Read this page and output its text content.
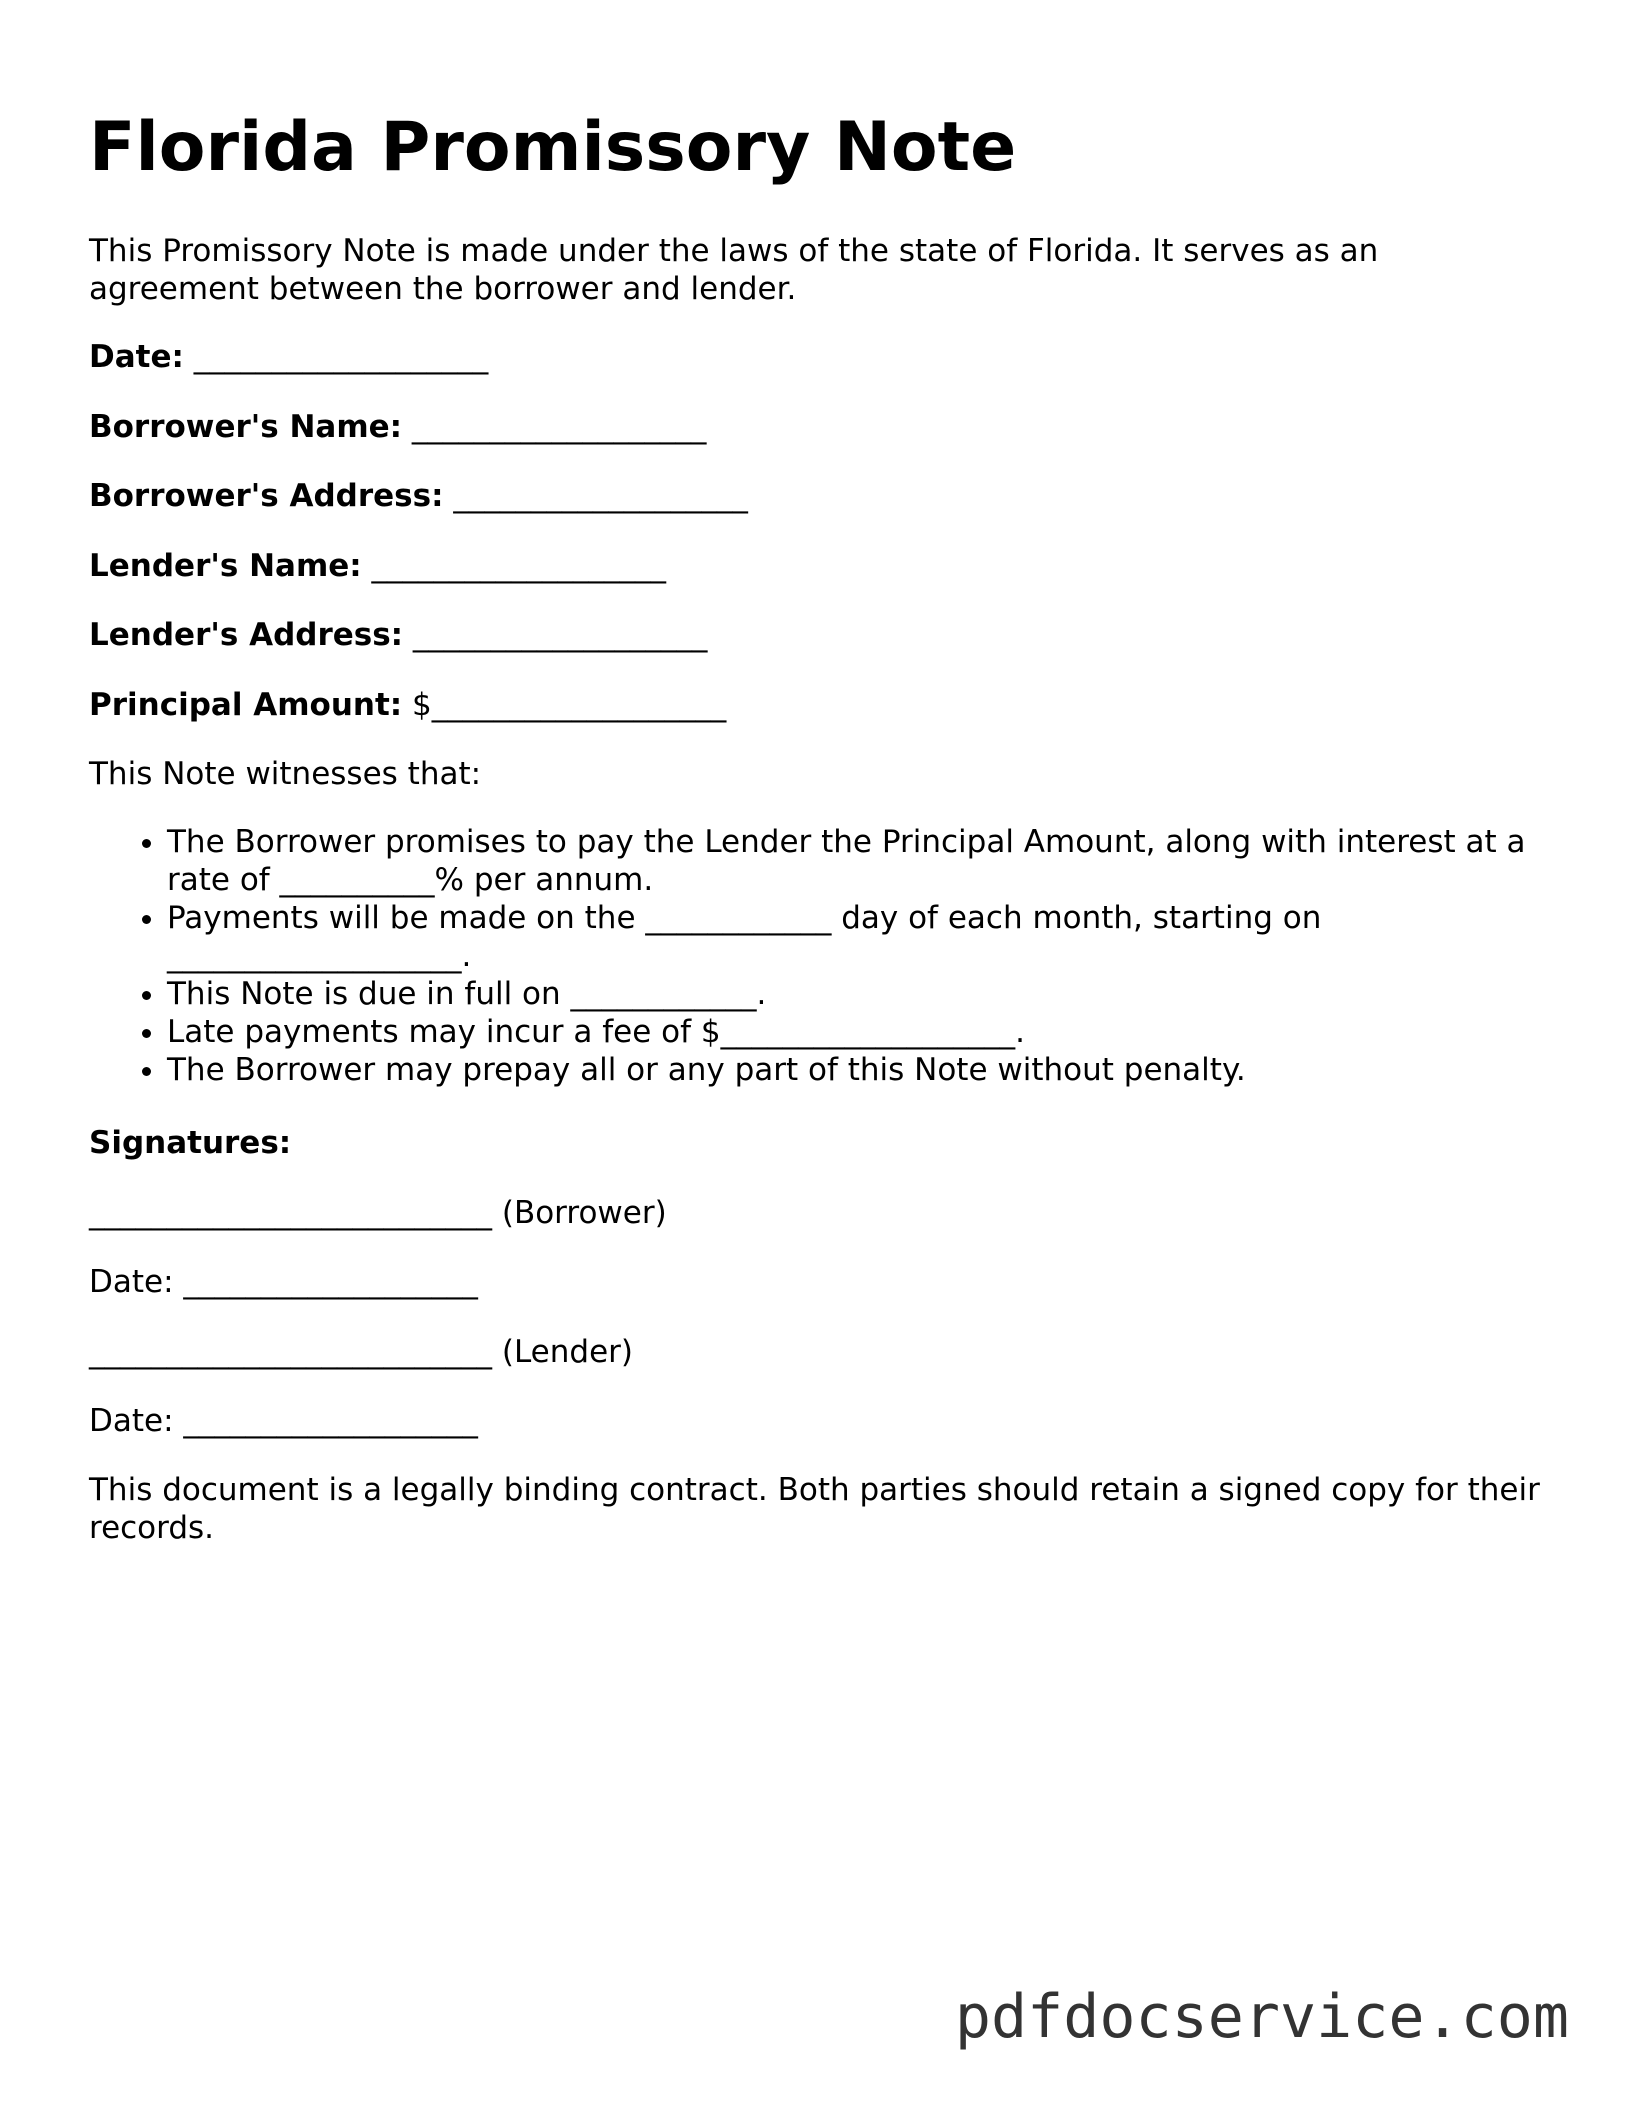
Florida Promissory Note

This Promissory Note is made under the laws of the state of Florida. It serves as an agreement between the borrower and lender.

Date: ___________________

Borrower's Name: ___________________

Borrower's Address: ___________________

Lender's Name: ___________________

Lender's Address: ___________________

Principal Amount: $___________________

This Note witnesses that:

• The Borrower promises to pay the Lender the Principal Amount, along with interest at a rate of __________% per annum.
• Payments will be made on the ____________ day of each month, starting on ___________________.
• This Note is due in full on ____________.
• Late payments may incur a fee of $___________________.
• The Borrower may prepay all or any part of this Note without penalty.

Signatures:

__________________________ (Borrower)

Date: ___________________

__________________________ (Lender)

Date: ___________________

This document is a legally binding contract. Both parties should retain a signed copy for their records.

pdfdocservice.com
